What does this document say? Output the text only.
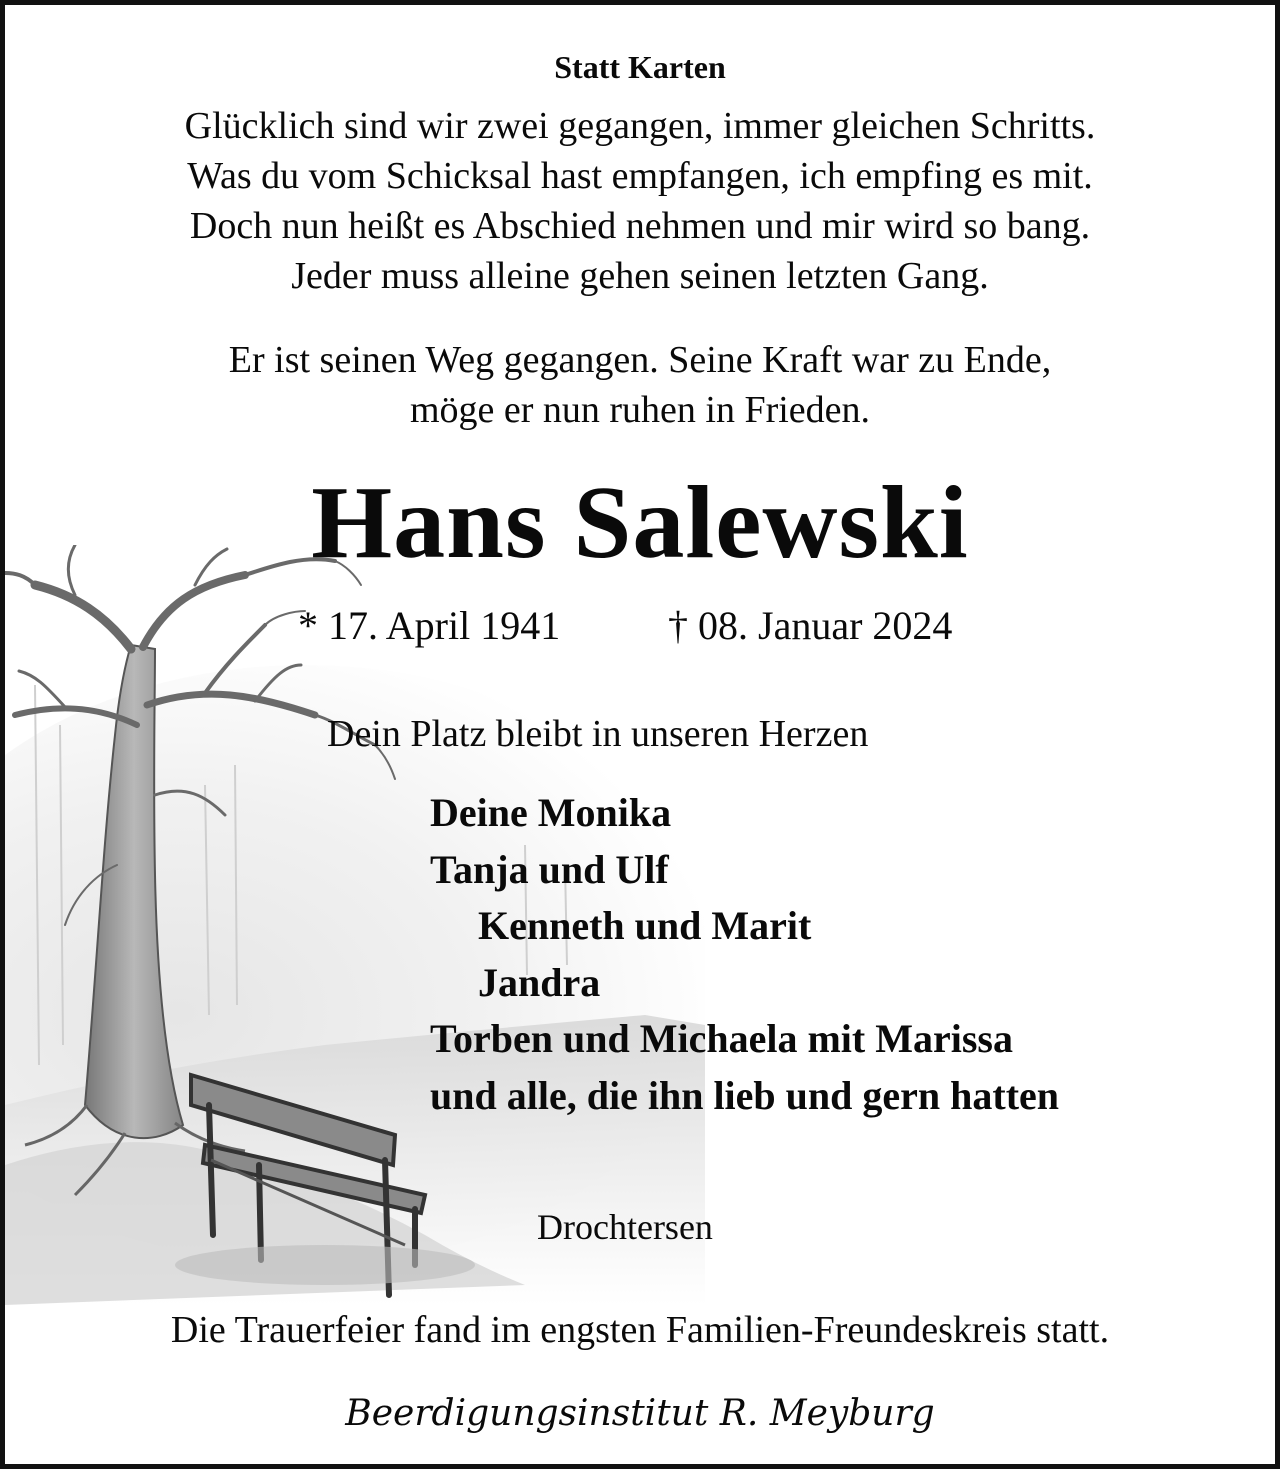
Statt Karten
Glücklich sind wir zwei gegangen, immer gleichen Schritts.
Was du vom Schicksal hast empfangen, ich empfing es mit.
Doch nun heißt es Abschied nehmen und mir wird so bang.
Jeder muss alleine gehen seinen letzten Gang.
Er ist seinen Weg gegangen. Seine Kraft war zu Ende,
möge er nun ruhen in Frieden.
Hans Salewski
* 17. April 1941	† 08. Januar 2024
Dein Platz bleibt in unseren Herzen
Deine Monika
Tanja und Ulf
Kenneth und Marit
Jandra
Torben und Michaela mit Marissa
und alle, die ihn lieb und gern hatten
Drochtersen
Die Trauerfeier fand im engsten Familien-Freundeskreis statt.
Beerdigungsinstitut R. Meyburg
